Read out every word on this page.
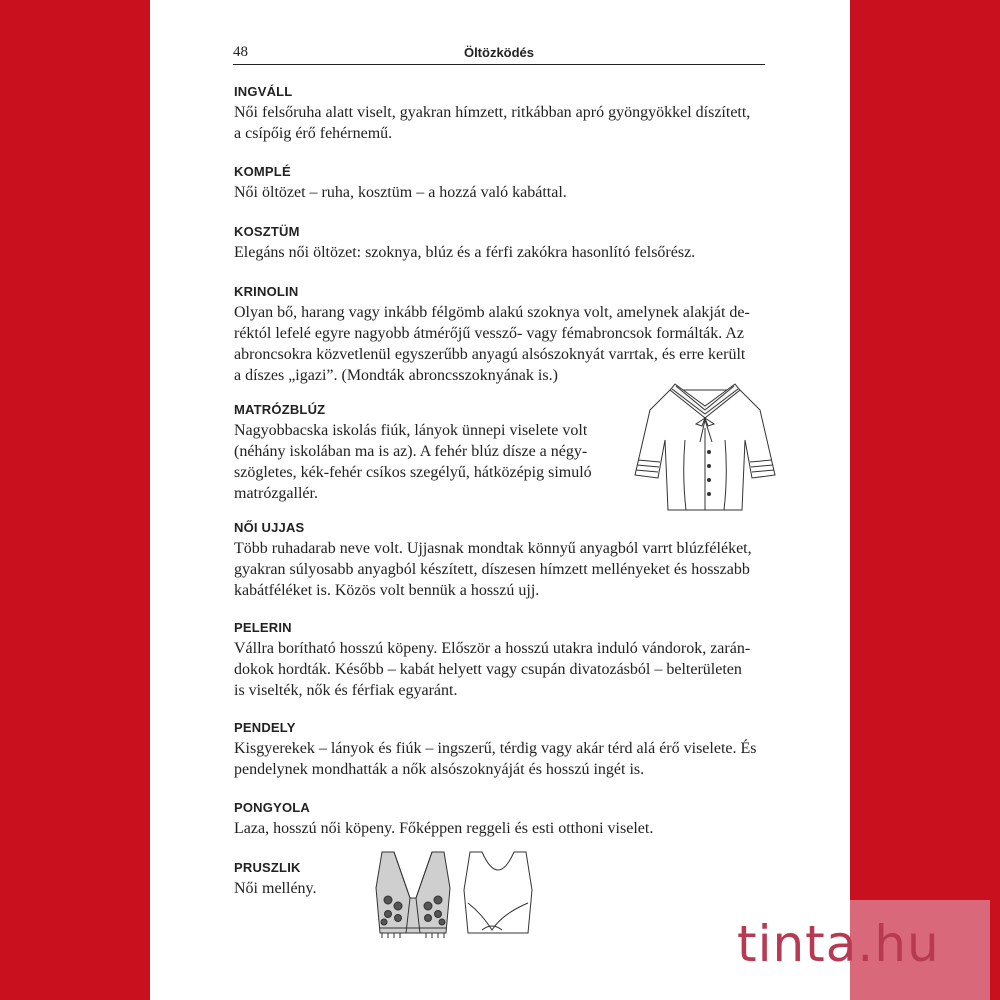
48	Öltözködés
INGVÁLL
Női felsőruha alatt viselt, gyakran hímzett, ritkábban apró gyöngyökkel díszített,
a csípőig érő fehérnemű.
KOMPLÉ
Női öltözet – ruha, kosztüm – a hozzá való kabáttal.
KOSZTÜM
Elegáns női öltözet: szoknya, blúz és a férfi zakókra hasonlító felsőrész.
KRINOLIN
Olyan bő, harang vagy inkább félgömb alakú szoknya volt, amelynek alakját de-
réktól lefelé egyre nagyobb átmérőjű vessző- vagy fémabroncsok formálták. Az
abroncsokra közvetlenül egyszerűbb anyagú alsószoknyát varrtak, és erre került
a díszes „igazi”. (Mondták abroncsszoknyának is.)
MATRÓZBLÚZ
Nagyobbacska iskolás fiúk, lányok ünnepi viselete volt
(néhány iskolában ma is az). A fehér blúz dísze a négy-
szögletes, kék-fehér csíkos szegélyű, hátközépig simuló
matrózgallér.
NŐI UJJAS
Több ruhadarab neve volt. Ujjasnak mondtak könnyű anyagból varrt blúzféléket,
gyakran súlyosabb anyagból készített, díszesen hímzett mellényeket és hosszabb
kabátféléket is. Közös volt bennük a hosszú ujj.
PELERIN
Vállra borítható hosszú köpeny. Először a hosszú utakra induló vándorok, zarán-
dokok hordták. Később – kabát helyett vagy csupán divatozásból – belterületen
is viselték, nők és férfiak egyaránt.
PENDELY
Kisgyerekek – lányok és fiúk – ingszerű, térdig vagy akár térd alá érő viselete. És
pendelynek mondhatták a nők alsószoknyáját és hosszú ingét is.
PONGYOLA
Laza, hosszú női köpeny. Főképpen reggeli és esti otthoni viselet.
PRUSZLIK
Női mellény.
tinta.hu
